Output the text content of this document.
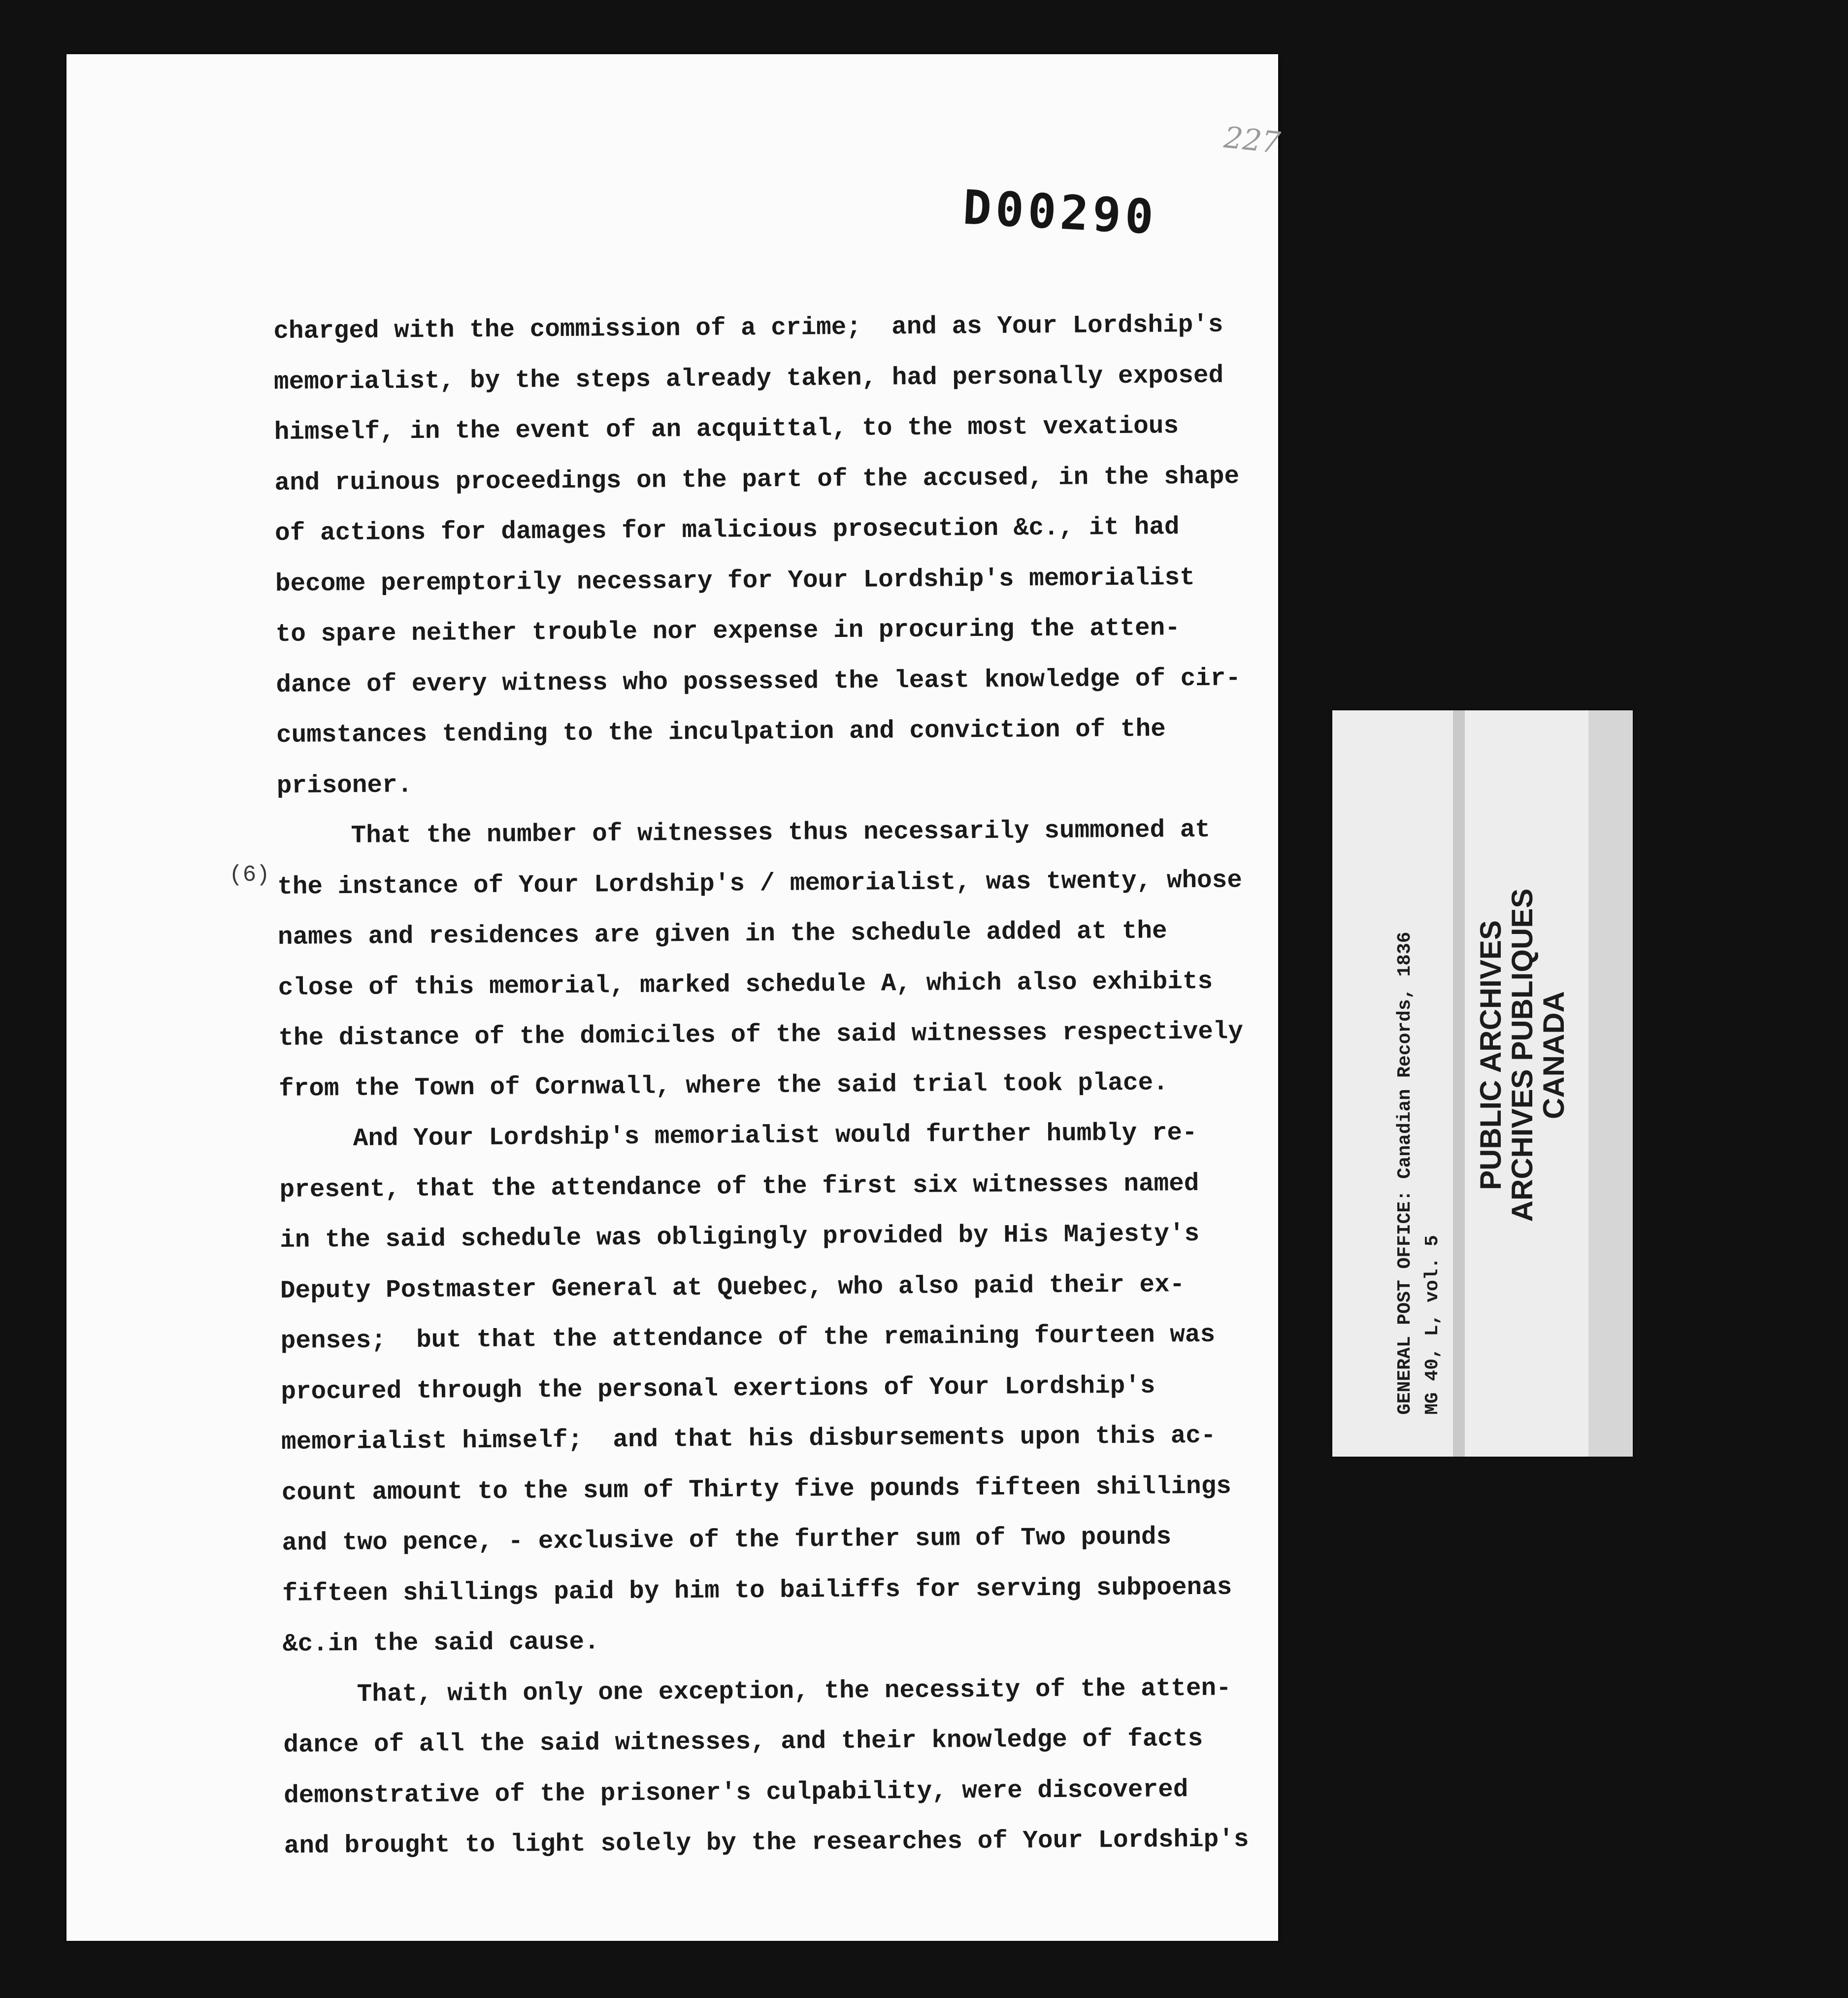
227
D00290
(6)
charged with the commission of a crime;  and as Your Lordship's
memorialist, by the steps already taken, had personally exposed
himself, in the event of an acquittal, to the most vexatious
and ruinous proceedings on the part of the accused, in the shape
of actions for damages for malicious prosecution &c., it had
become peremptorily necessary for Your Lordship's memorialist
to spare neither trouble nor expense in procuring the atten-
dance of every witness who possessed the least knowledge of cir-
cumstances tending to the inculpation and conviction of the
prisoner.
That the number of witnesses thus necessarily summoned at
the instance of Your Lordship's / memorialist, was twenty, whose
names and residences are given in the schedule added at the
close of this memorial, marked schedule A, which also exhibits
the distance of the domiciles of the said witnesses respectively
from the Town of Cornwall, where the said trial took place.
And Your Lordship's memorialist would further humbly re-
present, that the attendance of the first six witnesses named
in the said schedule was obligingly provided by His Majesty's
Deputy Postmaster General at Quebec, who also paid their ex-
penses;  but that the attendance of the remaining fourteen was
procured through the personal exertions of Your Lordship's
memorialist himself;  and that his disbursements upon this ac-
count amount to the sum of Thirty five pounds fifteen shillings
and two pence, - exclusive of the further sum of Two pounds
fifteen shillings paid by him to bailiffs for serving subpoenas
&c.in the said cause.
That, with only one exception, the necessity of the atten-
dance of all the said witnesses, and their knowledge of facts
demonstrative of the prisoner's culpability, were discovered
and brought to light solely by the researches of Your Lordship's
GENERAL POST OFFICE: Canadian Records, 1836 MG 40, L, vol. 5
PUBLIC ARCHIVES
ARCHIVES PUBLIQUES
CANADA
